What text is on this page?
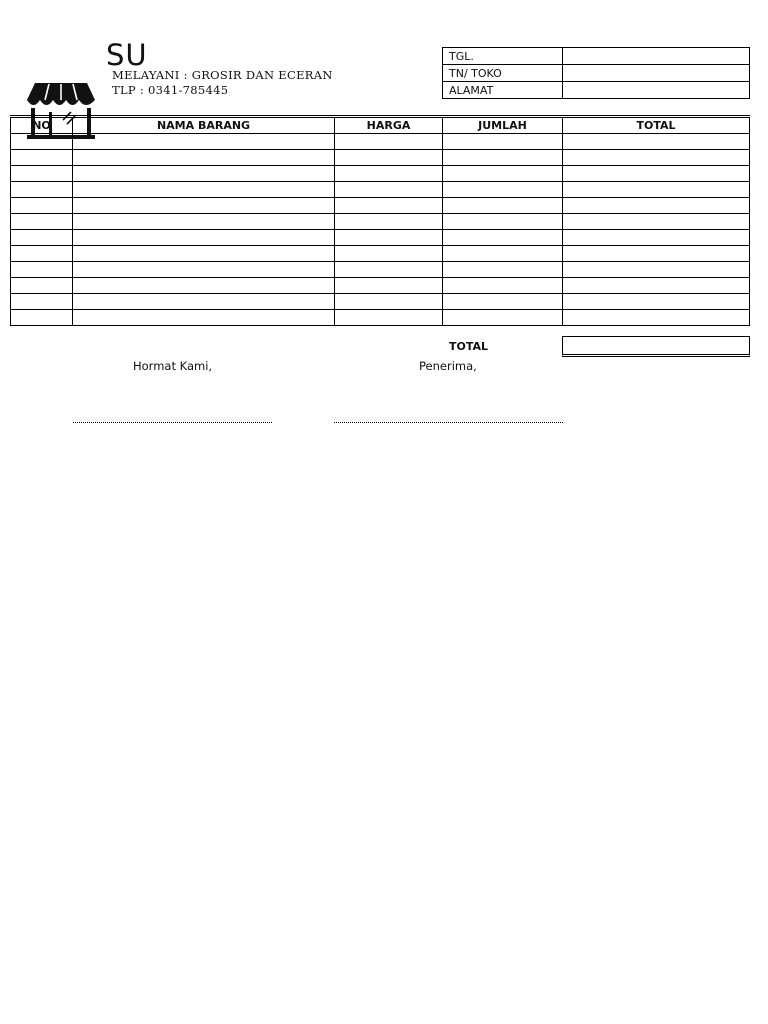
SU
MELAYANI : GROSIR DAN ECERAN
TLP : 0341-785445
TGL.	
TN/ TOKO	
ALAMAT	
NO	NAMA BARANG	HARGA	JUMLAH	TOTAL

TOTAL
Hormat Kami,	Penerima,
